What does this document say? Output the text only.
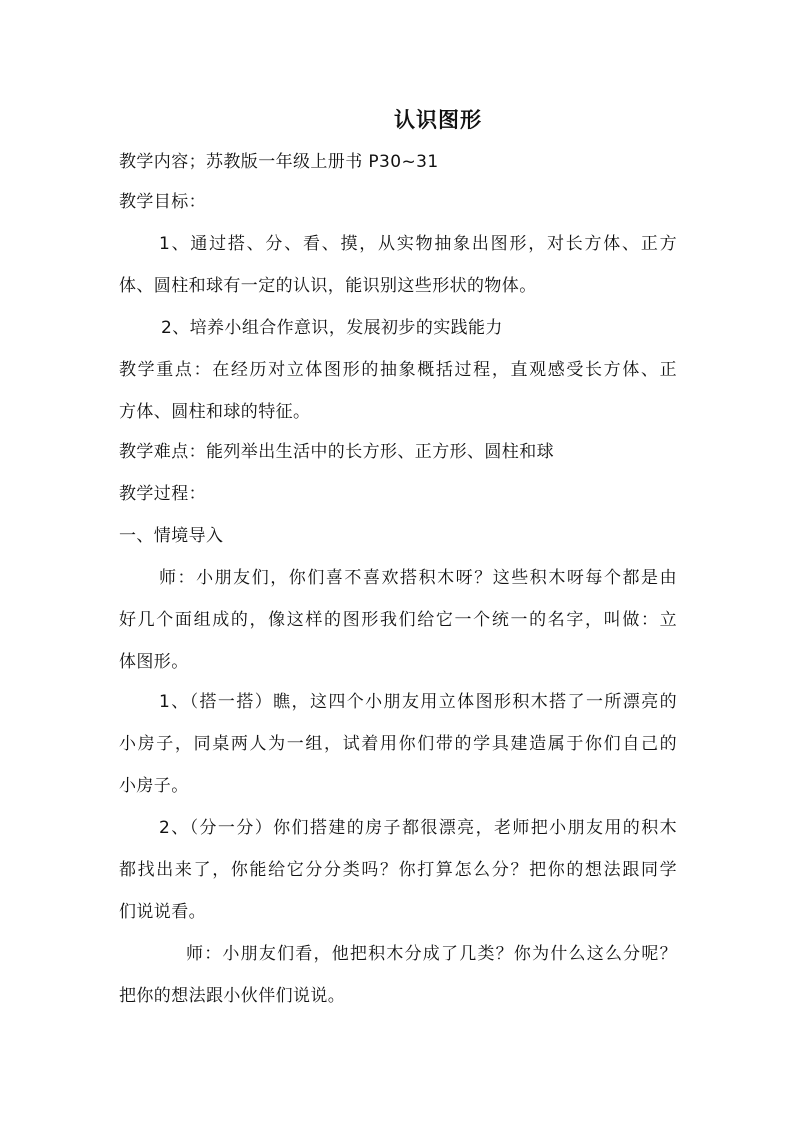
认识图形
教学内容；苏教版一年级上册书 P30~31
教学目标：
1、通过搭、分、看、摸，从实物抽象出图形，对长方体、正方
体、圆柱和球有一定的认识，能识别这些形状的物体。
2、培养小组合作意识，发展初步的实践能力
教学重点：在经历对立体图形的抽象概括过程，直观感受长方体、正
方体、圆柱和球的特征。
教学难点：能列举出生活中的长方形、正方形、圆柱和球
教学过程：
一、情境导入
师：小朋友们，你们喜不喜欢搭积木呀？这些积木呀每个都是由
好几个面组成的，像这样的图形我们给它一个统一的名字，叫做：立
体图形。
1、（搭一搭）瞧，这四个小朋友用立体图形积木搭了一所漂亮的
小房子，同桌两人为一组，试着用你们带的学具建造属于你们自己的
小房子。
2、（分一分）你们搭建的房子都很漂亮，老师把小朋友用的积木
都找出来了，你能给它分分类吗？你打算怎么分？把你的想法跟同学
们说说看。
师：小朋友们看，他把积木分成了几类？你为什么这么分呢？
把你的想法跟小伙伴们说说。
